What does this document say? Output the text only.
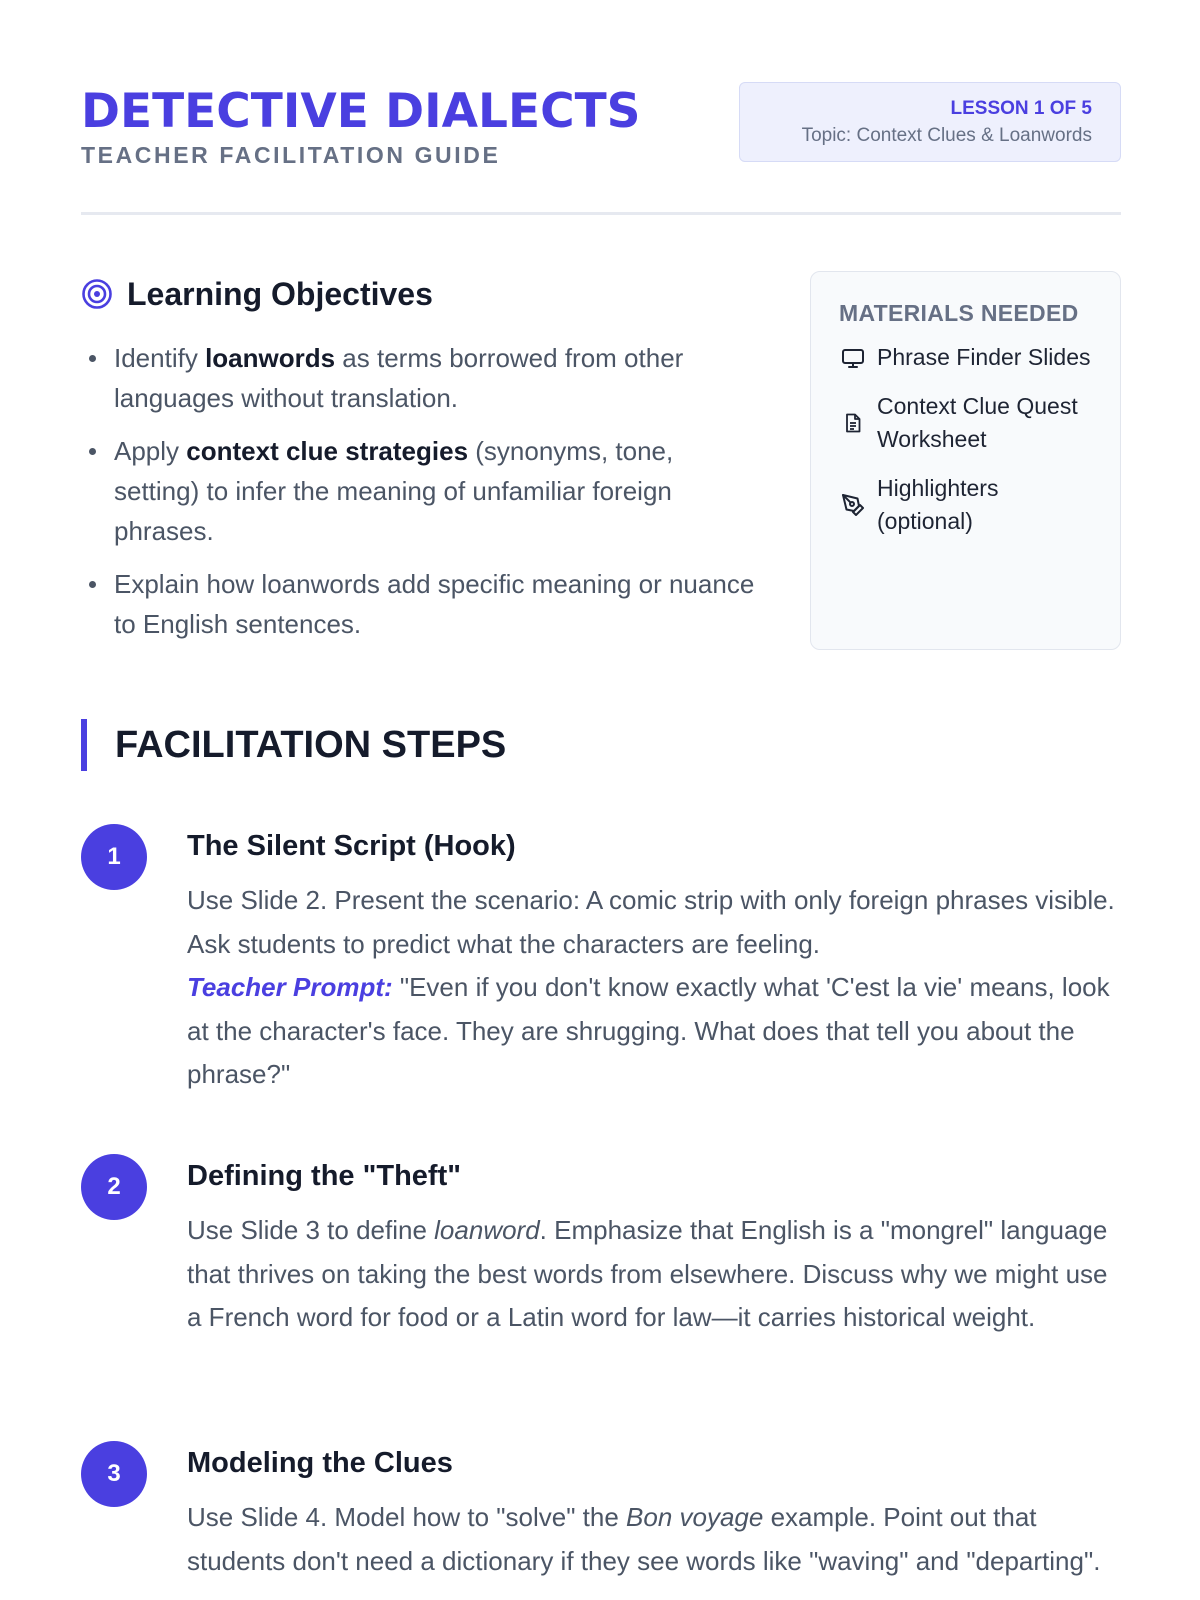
DETECTIVE DIALECTS
TEACHER FACILITATION GUIDE
LESSON 1 OF 5
Topic: Context Clues & Loanwords
Learning Objectives
Identify loanwords as terms borrowed from other languages without translation.
Apply context clue strategies (synonyms, tone, setting) to infer the meaning of unfamiliar foreign phrases.
Explain how loanwords add specific meaning or nuance to English sentences.
MATERIALS NEEDED
Phrase Finder Slides
Context Clue Quest Worksheet
Highlighters (optional)
FACILITATION STEPS
1	The Silent Script (Hook)
Use Slide 2. Present the scenario: A comic strip with only foreign phrases visible. Ask students to predict what the characters are feeling.
Teacher Prompt: "Even if you don't know exactly what 'C'est la vie' means, look at the character's face. They are shrugging. What does that tell you about the phrase?"
2	Defining the "Theft"
Use Slide 3 to define loanword. Emphasize that English is a "mongrel" language that thrives on taking the best words from elsewhere. Discuss why we might use a French word for food or a Latin word for law—it carries historical weight.
3	Modeling the Clues
Use Slide 4. Model how to "solve" the Bon voyage example. Point out that students don't need a dictionary if they see words like "waving" and "departing".
